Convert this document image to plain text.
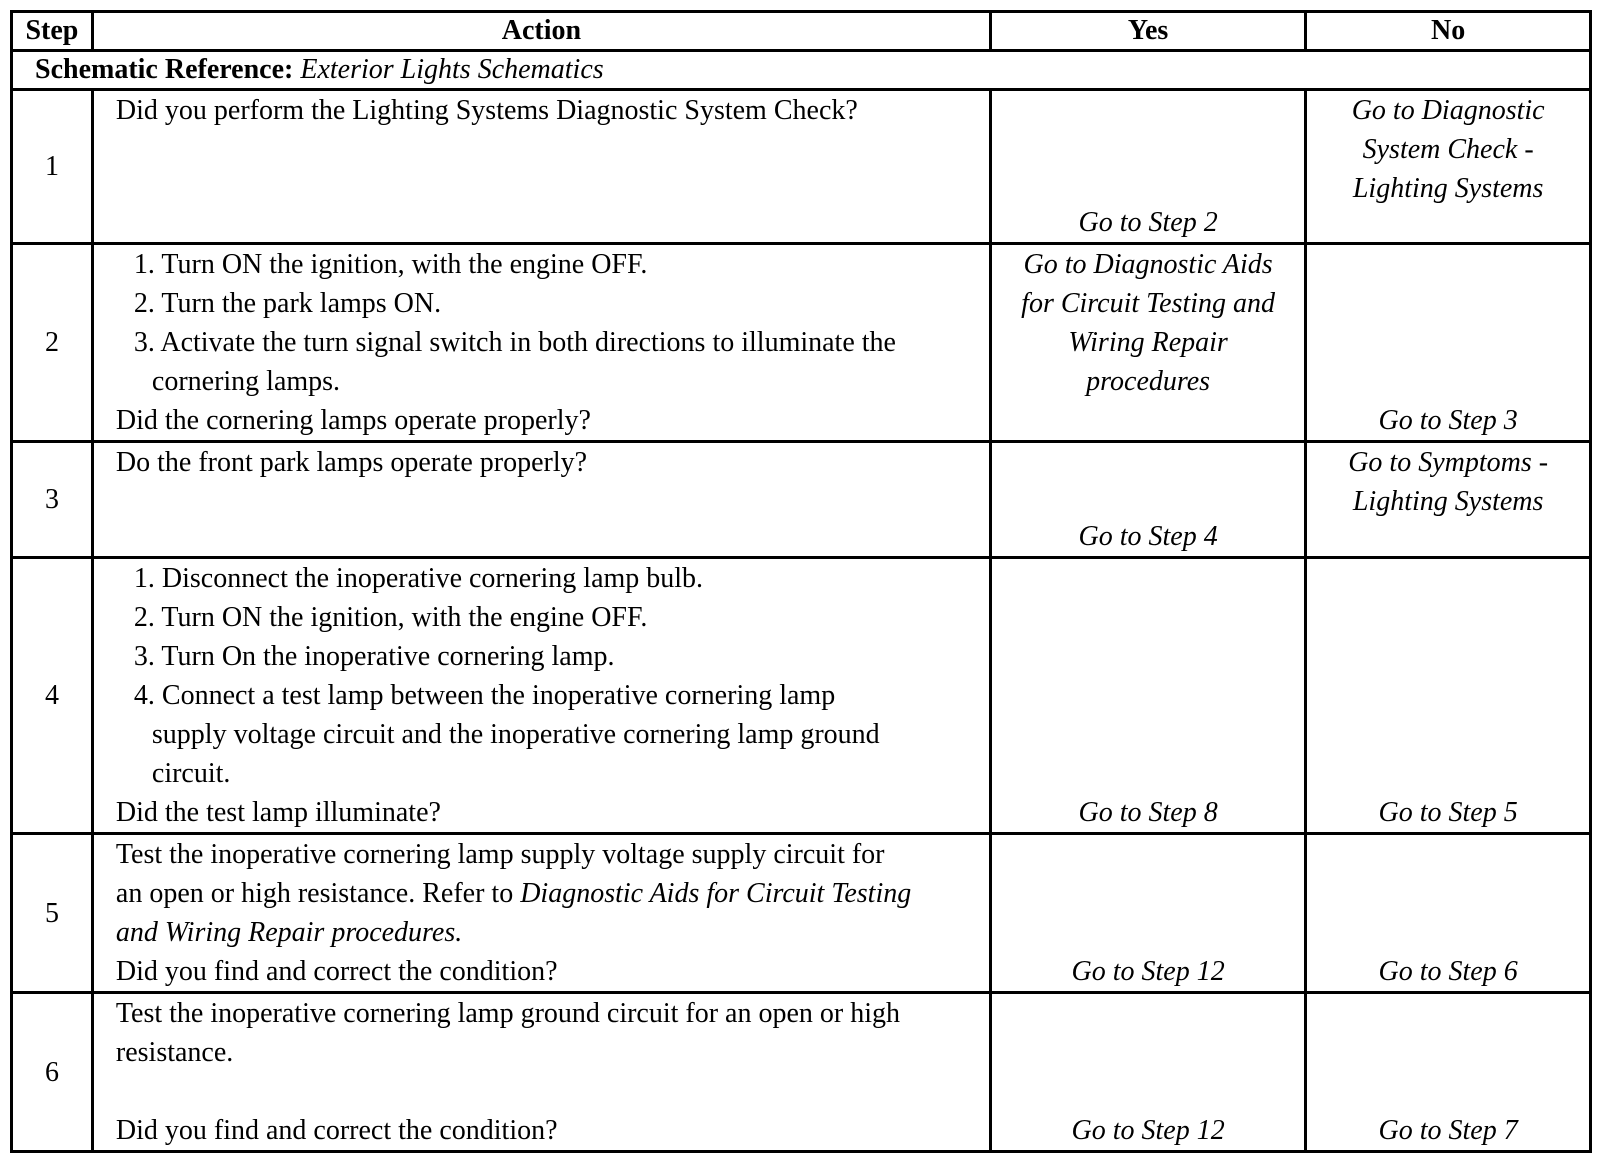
Step	Action	Yes	No
Schematic Reference: Exterior Lights Schematics			
1	Did you perform the Lighting Systems Diagnostic System Check?	Go to Step 2	Go to Diagnostic System Check - Lighting Systems

2	1. Turn ON the ignition, with the engine OFF.
2. Turn the park lamps ON.
3. Activate the turn signal switch in both directions to illuminate the cornering lamps.
Did the cornering lamps operate properly?	Go to Diagnostic Aids for Circuit Testing and Wiring Repair procedures	Go to Step 3

3	Do the front park lamps operate properly?	Go to Step 4	Go to Symptoms - Lighting Systems

4	1. Disconnect the inoperative cornering lamp bulb.
2. Turn ON the ignition, with the engine OFF.
3. Turn On the inoperative cornering lamp.
4. Connect a test lamp between the inoperative cornering lamp supply voltage circuit and the inoperative cornering lamp ground circuit.
Did the test lamp illuminate?	Go to Step 8	Go to Step 5

5	Test the inoperative cornering lamp supply voltage supply circuit for an open or high resistance. Refer to Diagnostic Aids for Circuit Testing and Wiring Repair procedures.
Did you find and correct the condition?	Go to Step 12	Go to Step 6

6	Test the inoperative cornering lamp ground circuit for an open or high resistance.
Did you find and correct the condition?	Go to Step 12	Go to Step 7
